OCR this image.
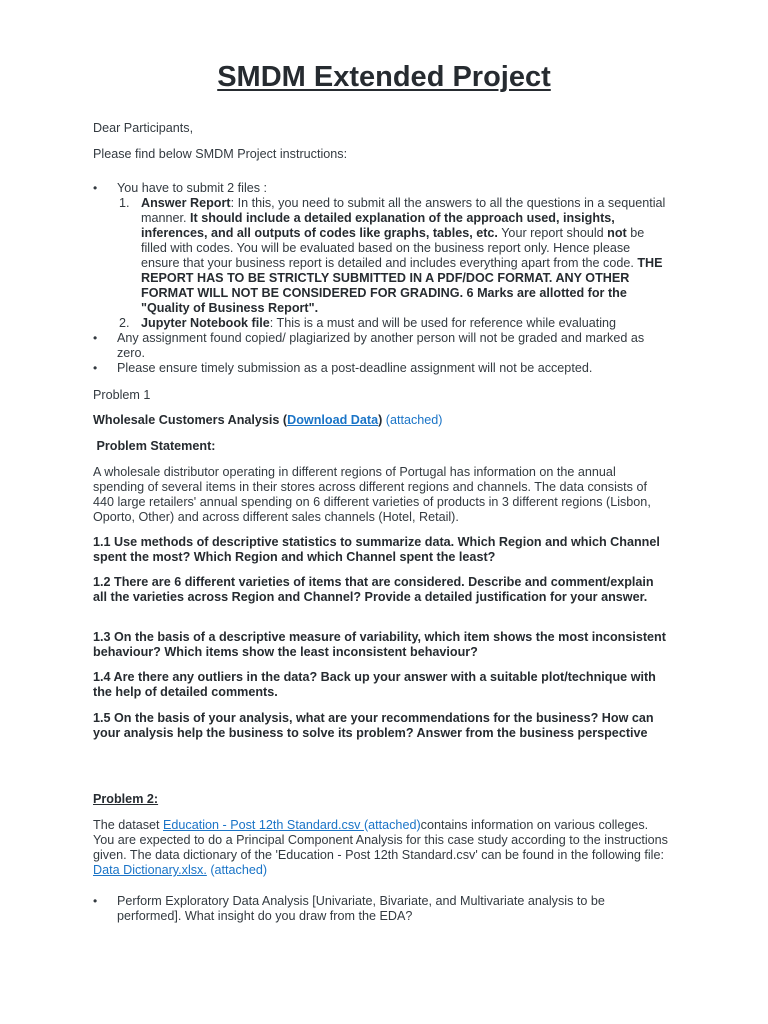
SMDM Extended Project

Dear Participants,

Please find below SMDM Project instructions:

• You have to submit 2 files :
1. Answer Report: In this, you need to submit all the answers to all the questions in a sequential manner. It should include a detailed explanation of the approach used, insights, inferences, and all outputs of codes like graphs, tables, etc. Your report should not be filled with codes. You will be evaluated based on the business report only. Hence please ensure that your business report is detailed and includes everything apart from the code. THE REPORT HAS TO BE STRICTLY SUBMITTED IN A PDF/DOC FORMAT. ANY OTHER FORMAT WILL NOT BE CONSIDERED FOR GRADING. 6 Marks are allotted for the "Quality of Business Report".
2. Jupyter Notebook file: This is a must and will be used for reference while evaluating
• Any assignment found copied/ plagiarized by another person will not be graded and marked as zero.
• Please ensure timely submission as a post-deadline assignment will not be accepted.

Problem 1

Wholesale Customers Analysis (Download Data) (attached)

Problem Statement:

A wholesale distributor operating in different regions of Portugal has information on the annual spending of several items in their stores across different regions and channels. The data consists of 440 large retailers' annual spending on 6 different varieties of products in 3 different regions (Lisbon, Oporto, Other) and across different sales channels (Hotel, Retail).

1.1 Use methods of descriptive statistics to summarize data. Which Region and which Channel spent the most? Which Region and which Channel spent the least?

1.2 There are 6 different varieties of items that are considered. Describe and comment/explain all the varieties across Region and Channel? Provide a detailed justification for your answer.

1.3 On the basis of a descriptive measure of variability, which item shows the most inconsistent behaviour? Which items show the least inconsistent behaviour?

1.4 Are there any outliers in the data? Back up your answer with a suitable plot/technique with the help of detailed comments.

1.5 On the basis of your analysis, what are your recommendations for the business? How can your analysis help the business to solve its problem? Answer from the business perspective

Problem 2:

The dataset Education - Post 12th Standard.csv (attached)contains information on various colleges. You are expected to do a Principal Component Analysis for this case study according to the instructions given. The data dictionary of the 'Education - Post 12th Standard.csv' can be found in the following file: Data Dictionary.xlsx. (attached)

• Perform Exploratory Data Analysis [Univariate, Bivariate, and Multivariate analysis to be performed]. What insight do you draw from the EDA?
